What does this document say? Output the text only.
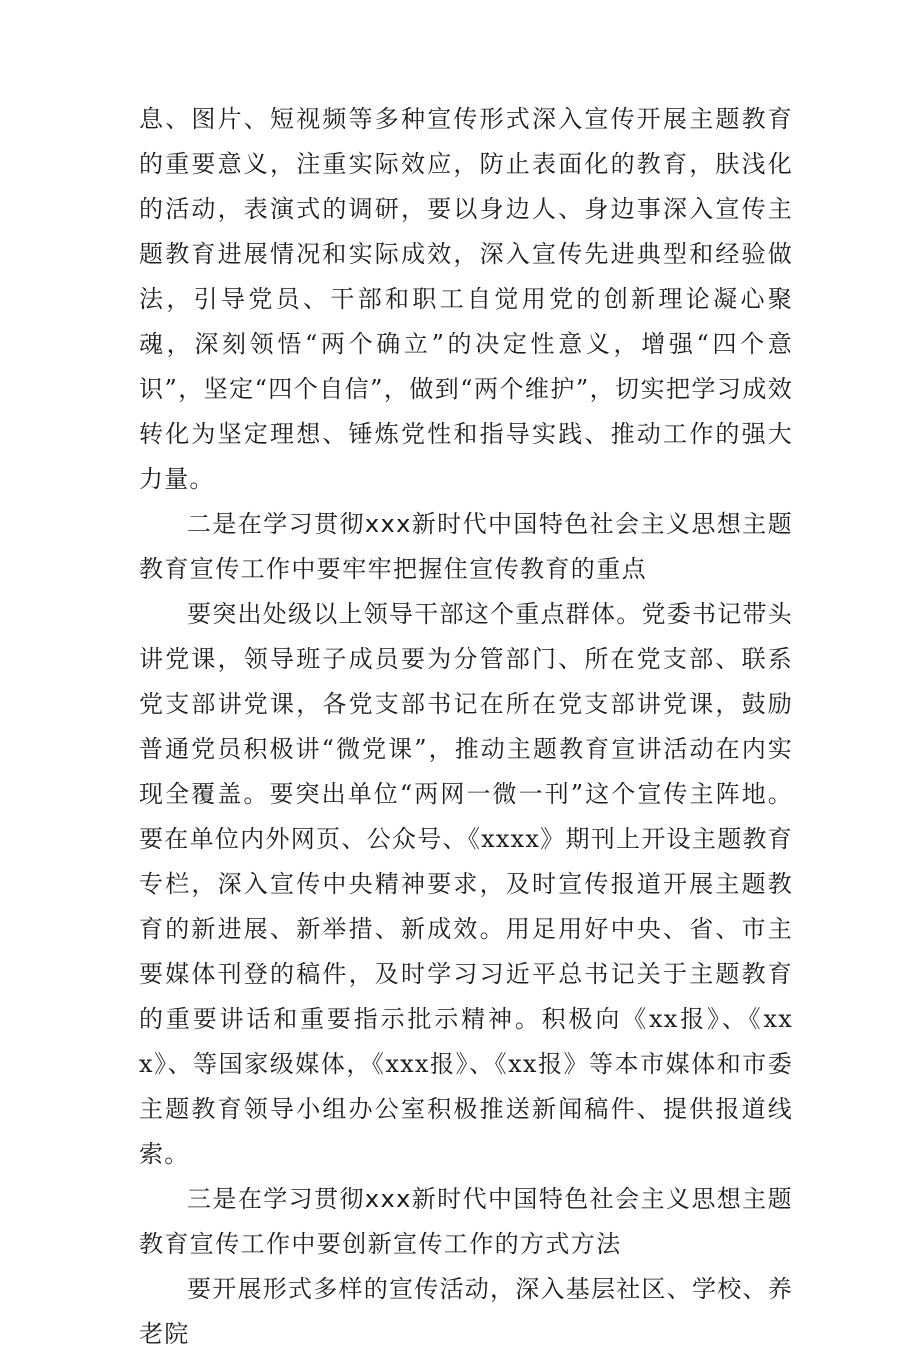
息、图片、短视频等多种宣传形式深入宣传开展主题教育的重要意义，注重实际效应，防止表面化的教育，肤浅化的活动，表演式的调研，要以身边人、身边事深入宣传主题教育进展情况和实际成效，深入宣传先进典型和经验做法，引导党员、干部和职工自觉用党的创新理论凝心聚魂，深刻领悟“两个确立”的决定性意义，增强“四个意识”，坚定“四个自信”，做到“两个维护”，切实把学习成效转化为坚定理想、锤炼党性和指导实践、推动工作的强大力量。

二是在学习贯彻xxx新时代中国特色社会主义思想主题教育宣传工作中要牢牢把握住宣传教育的重点

要突出处级以上领导干部这个重点群体。党委书记带头讲党课，领导班子成员要为分管部门、所在党支部、联系党支部讲党课，各党支部书记在所在党支部讲党课，鼓励普通党员积极讲“微党课”，推动主题教育宣讲活动在内实现全覆盖。要突出单位“两网一微一刊”这个宣传主阵地。要在单位内外网页、公众号、《xxxx》期刊上开设主题教育专栏，深入宣传中央精神要求，及时宣传报道开展主题教育的新进展、新举措、新成效。用足用好中央、省、市主要媒体刊登的稿件，及时学习习近平总书记关于主题教育的重要讲话和重要指示批示精神。积极向《xx报》、《xxx》、等国家级媒体，《xxx报》、《xx报》等本市媒体和市委主题教育领导小组办公室积极推送新闻稿件、提供报道线索。

三是在学习贯彻xxx新时代中国特色社会主义思想主题教育宣传工作中要创新宣传工作的方式方法

要开展形式多样的宣传活动，深入基层社区、学校、养老院
